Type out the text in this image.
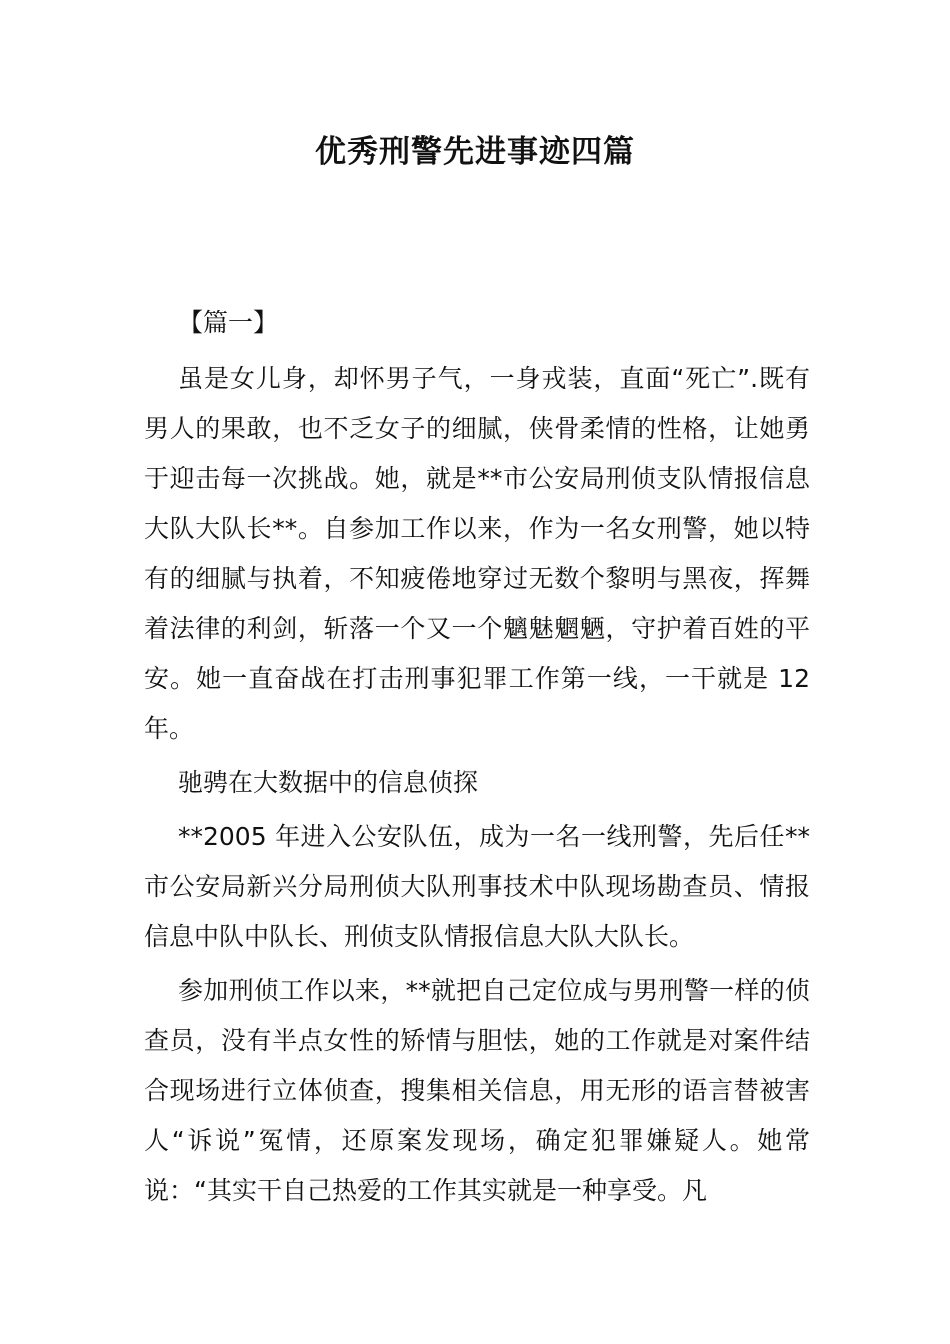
优秀刑警先进事迹四篇

【篇一】

虽是女儿身，却怀男子气，一身戎装，直面“死亡”.既有男人的果敢，也不乏女子的细腻，侠骨柔情的性格，让她勇于迎击每一次挑战。她，就是**市公安局刑侦支队情报信息大队大队长**。自参加工作以来，作为一名女刑警，她以特有的细腻与执着，不知疲倦地穿过无数个黎明与黑夜，挥舞着法律的利剑，斩落一个又一个魑魅魍魉，守护着百姓的平安。她一直奋战在打击刑事犯罪工作第一线，一干就是 12 年。

驰骋在大数据中的信息侦探

**2005 年进入公安队伍，成为一名一线刑警，先后任**市公安局新兴分局刑侦大队刑事技术中队现场勘查员、情报信息中队中队长、刑侦支队情报信息大队大队长。

参加刑侦工作以来，**就把自己定位成与男刑警一样的侦查员，没有半点女性的矫情与胆怯，她的工作就是对案件结合现场进行立体侦查，搜集相关信息，用无形的语言替被害人“诉说”冤情，还原案发现场，确定犯罪嫌疑人。她常说：“其实干自己热爱的工作其实就是一种享受。凡
